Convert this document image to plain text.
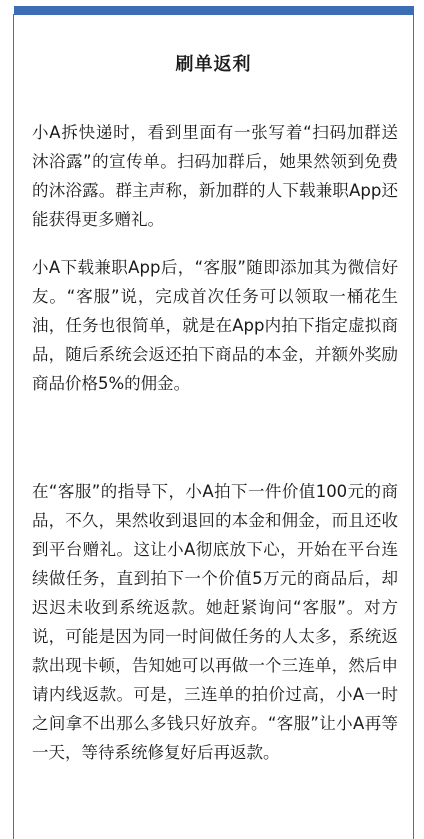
刷单返利

小A拆快递时，看到里面有一张写着“扫码加群送沐浴露”的宣传单。扫码加群后，她果然领到免费的沐浴露。群主声称，新加群的人下载兼职App还能获得更多赠礼。

小A下载兼职App后，“客服”随即添加其为微信好友。“客服”说，完成首次任务可以领取一桶花生油，任务也很简单，就是在App内拍下指定虚拟商品，随后系统会返还拍下商品的本金，并额外奖励商品价格5%的佣金。

在“客服”的指导下，小A拍下一件价值100元的商品，不久，果然收到退回的本金和佣金，而且还收到平台赠礼。这让小A彻底放下心，开始在平台连续做任务，直到拍下一个价值5万元的商品后，却迟迟未收到系统返款。她赶紧询问“客服”。对方说，可能是因为同一时间做任务的人太多，系统返款出现卡顿，告知她可以再做一个三连单，然后申请内线返款。可是，三连单的拍价过高，小A一时之间拿不出那么多钱只好放弃。“客服”让小A再等一天，等待系统修复好后再返款。
